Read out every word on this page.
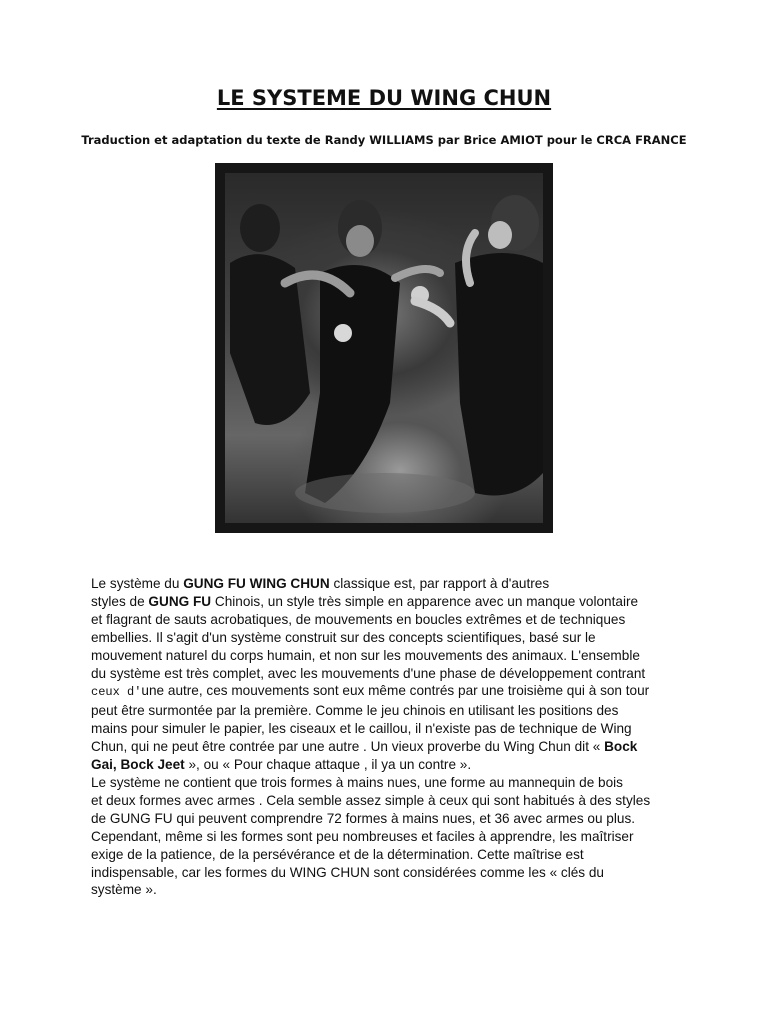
LE SYSTEME DU WING CHUN
Traduction et adaptation du texte de Randy WILLIAMS par Brice AMIOT pour le CRCA FRANCE

Le système du GUNG FU WING CHUN classique est, par rapport à d'autres
styles de GUNG FU Chinois, un style très simple en apparence avec un manque volontaire
et flagrant de sauts acrobatiques, de mouvements en boucles extrêmes et de techniques
embellies. Il s'agit d'un système construit sur des concepts scientifiques, basé sur le
mouvement naturel du corps humain, et non sur les mouvements des animaux. L'ensemble
du système est très complet, avec les mouvements d'une phase de développement contrant
ceux d'une autre, ces mouvements sont eux même contrés par une troisième qui à son tour
peut être surmontée par la première. Comme le jeu chinois en utilisant les positions des
mains pour simuler le papier, les ciseaux et le caillou, il n'existe pas de technique de Wing
Chun, qui ne peut être contrée par une autre . Un vieux proverbe du Wing Chun dit « Bock
Gai, Bock Jeet », ou « Pour chaque attaque , il ya un contre ».

Le système ne contient que trois formes à mains nues, une forme au mannequin de bois
et deux formes avec armes . Cela semble assez simple à ceux qui sont habitués à des styles
de GUNG FU qui peuvent comprendre 72 formes à mains nues, et 36 avec armes ou plus.
Cependant, même si les formes sont peu nombreuses et faciles à apprendre, les maîtriser
exige de la patience, de la persévérance et de la détermination. Cette maîtrise est
indispensable, car les formes du WING CHUN sont considérées comme les « clés du
système ».
